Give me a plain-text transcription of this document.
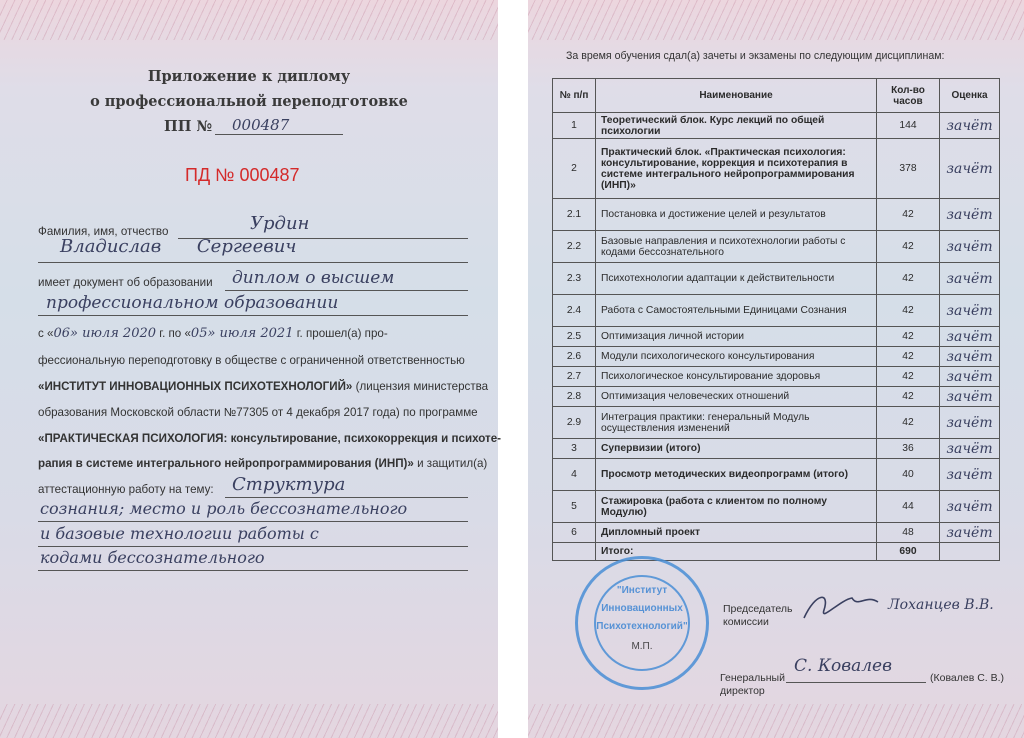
Приложение к диплому
о профессиональной переподготовке
ПП № 000487
ПД № 000487
Фамилия, имя, отчество	Урдин
Владислав Сергеевич
имеет документ об образовании диплом о высшем
профессиональном образовании
с «06» июля 2020 г. по «05» июля 2021 г. прошел(а) про-
фессиональную переподготовку в обществе с ограниченной ответственностью
«ИНСТИТУТ ИННОВАЦИОННЫХ ПСИХОТЕХНОЛОГИЙ» (лицензия министерства
образования Московской области №77305 от 4 декабря 2017 года) по программе
«ПРАКТИЧЕСКАЯ ПСИХОЛОГИЯ: консультирование, психокоррекция и психоте-
рапия в системе интегрального нейропрограммирования (ИНП)» и защитил(а)
аттестационную работу на тему: Структура
сознания; место и роль бессознательного
и базовые технологии работы с
кодами бессознательного
За время обучения сдал(а) зачеты и экзамены по следующим дисциплинам:
№ п/п	Наименование	Кол-во часов	Оценка
1	Теоретический блок. Курс лекций по общей психологии	144	зачёт
2	Практический блок. «Практическая психология: консультирование, коррекция и психотерапия в системе интегрального нейропрограммирования (ИНП)»	378	зачёт
2.1	Постановка и достижение целей и результатов	42	зачёт
2.2	Базовые направления и психотехнологии работы с кодами бессознательного	42	зачёт
2.3	Психотехнологии адаптации к действительности	42	зачёт
2.4	Работа с Самостоятельными Единицами Сознания	42	зачёт
2.5	Оптимизация личной истории	42	зачёт
2.6	Модули психологического консультирования	42	зачёт
2.7	Психологическое консультирование здоровья	42	зачёт
2.8	Оптимизация человеческих отношений	42	зачёт
2.9	Интеграция практики: генеральный Модуль осуществления изменений	42	зачёт
3	Супервизии (итого)	36	зачёт
4	Просмотр методических видеопрограмм (итого)	40	зачёт
5	Стажировка (работа с клиентом по полному Модулю)	44	зачёт
6	Дипломный проект	48	зачёт
	Итого:	690	
"Институт
Инновационных
Психотехнологий"
М.П.
Председатель
комиссии
Лоханцев В.В.
Генеральный
директор
С. Ковалев
(Ковалев С. В.)
